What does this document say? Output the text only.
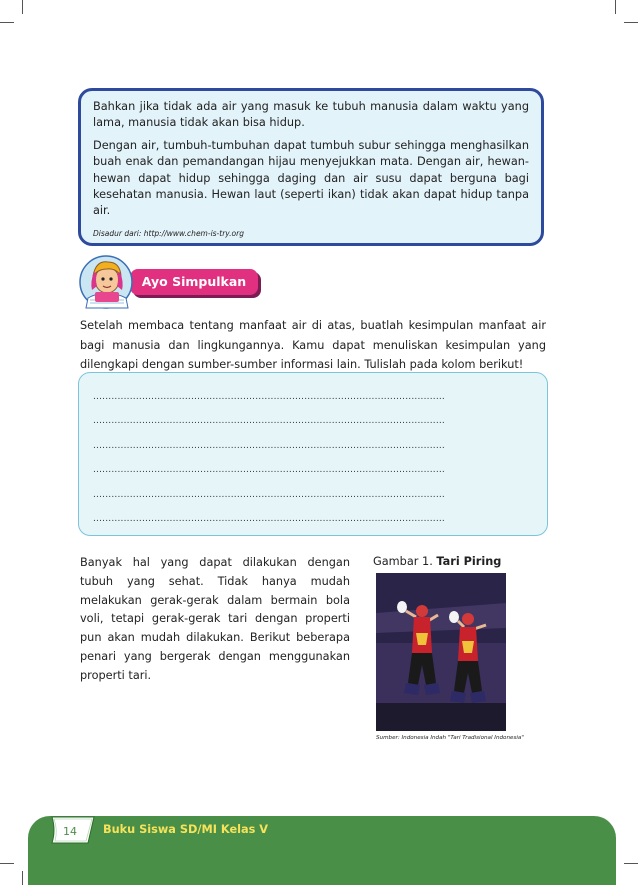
Bahkan jika tidak ada air yang masuk ke tubuh manusia dalam waktu yang lama, manusia tidak akan bisa hidup.

Dengan air, tumbuh-tumbuhan dapat tumbuh subur sehingga menghasilkan buah enak dan pemandangan hijau menyejukkan mata. Dengan air, hewan-hewan dapat hidup sehingga daging dan air susu dapat berguna bagi kesehatan manusia. Hewan laut (seperti ikan) tidak akan dapat hidup tanpa air.

Disadur dari: http://www.chem-is-try.org

Ayo Simpulkan

Setelah membaca tentang manfaat air di atas, buatlah kesimpulan manfaat air bagi manusia dan lingkungannya. Kamu dapat menuliskan kesimpulan yang dilengkapi dengan sumber-sumber informasi lain. Tulislah pada kolom berikut!

...................................................................................................................
...................................................................................................................
...................................................................................................................
...................................................................................................................
...................................................................................................................
...................................................................................................................

Banyak hal yang dapat dilakukan dengan tubuh yang sehat. Tidak hanya mudah melakukan gerak-gerak dalam bermain bola voli, tetapi gerak-gerak tari dengan properti pun akan mudah dilakukan. Berikut beberapa penari yang bergerak dengan menggunakan properti tari.

Gambar 1. Tari Piring
Sumber: Indonesia Indah "Tari Tradisional Indonesia"
14 Buku Siswa SD/MI Kelas V
